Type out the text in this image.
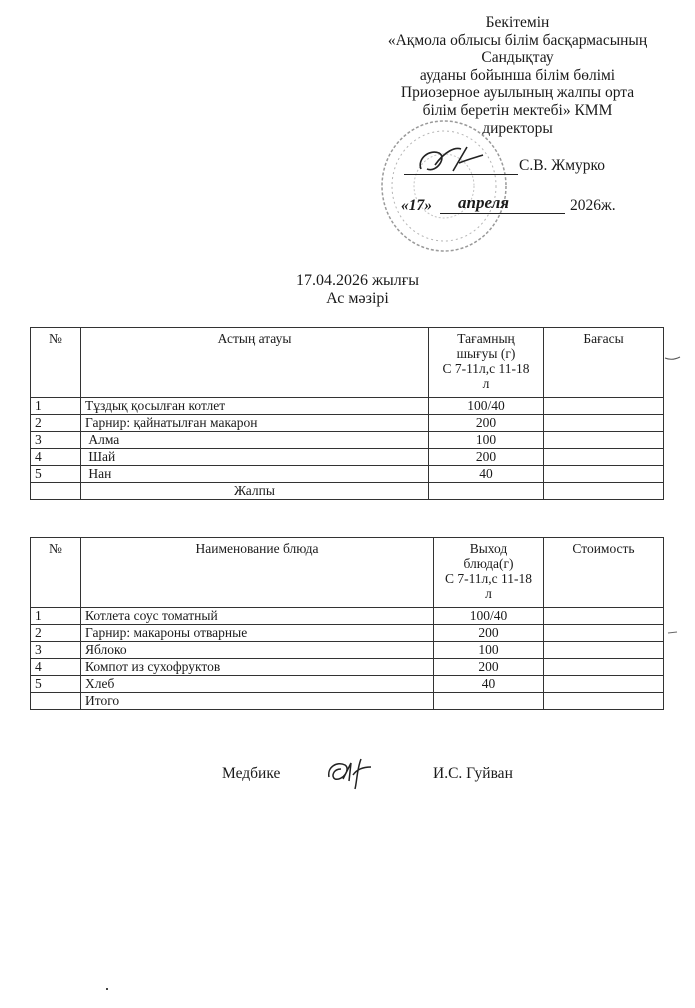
Бекітемін
«Ақмола облысы білім басқармасының
Сандықтау
ауданы бойынша білім бөлімі
Приозерное ауылының жалпы орта
білім беретін мектебі» КММ
директоры
С.В. Жмурко
«17» апреля	2026ж.
17.04.2026 жылғы
Ас мәзірі
№	Астың атауы	Тағамның
шығуы (г)
С 7-11л,с 11-18
л	Бағасы
1	Тұздық қосылған котлет	100/40	
2	Гарнир: қайнатылған макарон	200	
3	Алма	100	
4	Шай	200	
5	Нан	40	
	Жалпы		
№	Наименование блюда	Выход
блюда(г)
С 7-11л,с 11-18
л	Стоимость
1	Котлета соус томатный	100/40	
2	Гарнир: макароны отварные	200	
3	Яблоко	100	
4	Компот из сухофруктов	200	
5	Хлеб	40	
	Итого		
Медбике	И.С. Гуйван
